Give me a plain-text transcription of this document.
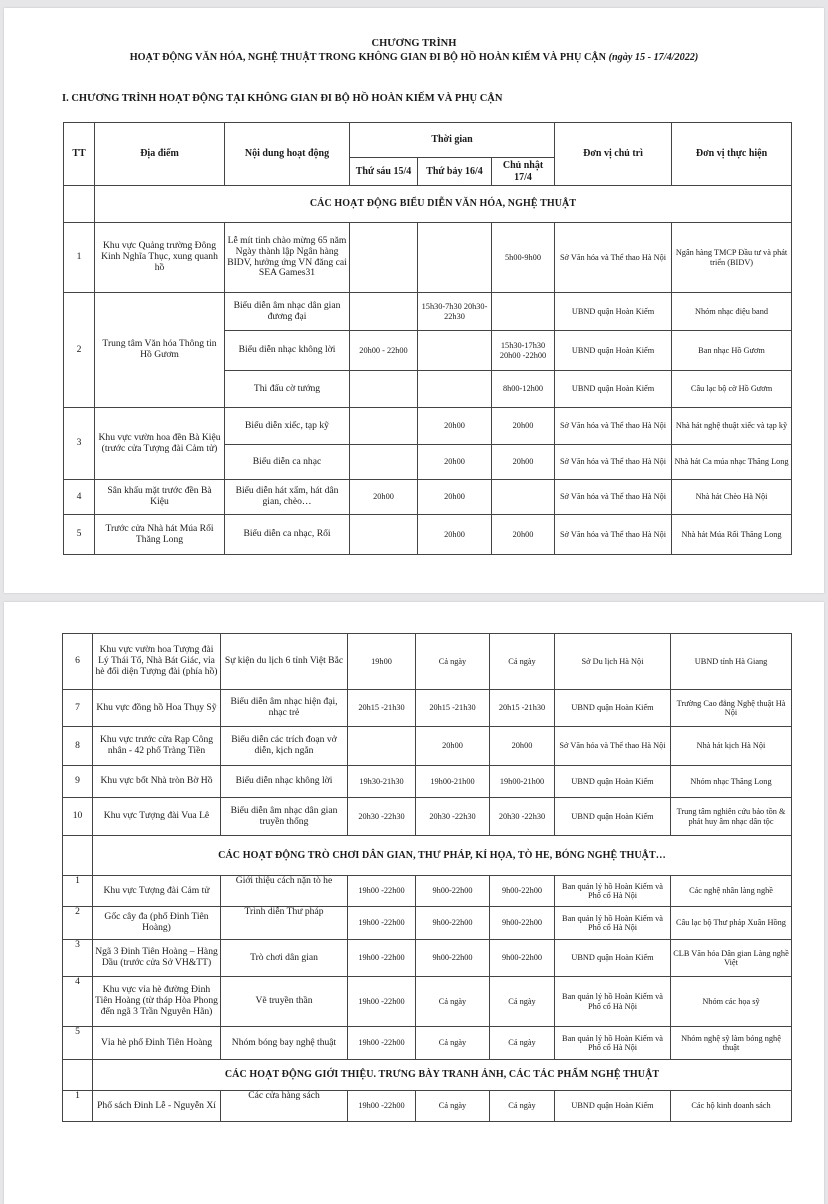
CHƯƠNG TRÌNH
HOẠT ĐỘNG VĂN HÓA, NGHỆ THUẬT TRONG KHÔNG GIAN ĐI BỘ HỒ HOÀN KIẾM VÀ PHỤ CẬN (ngày 15 - 17/4/2022)
I. CHƯƠNG TRÌNH HOẠT ĐỘNG TẠI KHÔNG GIAN ĐI BỘ HỒ HOÀN KIẾM VÀ PHỤ CẬN
TT	Địa điểm	Nội dung hoạt động	Thời gian			Đơn vị chủ trì	Đơn vị thực hiện
			Thứ sáu 15/4	Thứ bảy 16/4	Chủ nhật 17/4		
	CÁC HOẠT ĐỘNG BIỂU DIỄN VĂN HÓA, NGHỆ THUẬT						
1	Khu vực Quảng trường Đông Kinh Nghĩa Thục, xung quanh hồ	Lễ mít tinh chào mừng 65 năm Ngày thành lập Ngân hàng BIDV, hưởng ứng VN đăng cai SEA Games31			5h00-9h00	Sở Văn hóa và Thể thao Hà Nội	Ngân hàng TMCP Đầu tư và phát triển (BIDV)
2	Trung tâm Văn hóa Thông tin Hồ Gươm	Biểu diễn âm nhạc dân gian đương đại		15h30-7h30 20h30-22h30		UBND quận Hoàn Kiếm	Nhóm nhạc điệu band
		Biểu diễn nhạc không lời	20h00 - 22h00		15h30-17h30 20h00 -22h00	UBND quận Hoàn Kiếm	Ban nhạc Hồ Gươm
		Thi đấu cờ tướng			8h00-12h00	UBND quận Hoàn Kiếm	Câu lạc bộ cờ Hồ Gươm
3	Khu vực vườn hoa đền Bà Kiệu (trước cửa Tượng đài Cảm tử)	Biểu diễn xiếc, tạp kỹ		20h00	20h00	Sở Văn hóa và Thể thao Hà Nội	Nhà hát nghệ thuật xiếc và tạp kỹ
		Biểu diễn ca nhạc		20h00	20h00	Sở Văn hóa và Thể thao Hà Nội	Nhà hát Ca múa nhạc Thăng Long
4	Sân khấu mặt trước đền Bà Kiệu	Biểu diễn hát xẩm, hát dân gian, chèo…	20h00	20h00		Sở Văn hóa và Thể thao Hà Nội	Nhà hát Chèo Hà Nội
5	Trước cửa Nhà hát Múa Rối Thăng Long	Biểu diễn ca nhạc, Rối		20h00	20h00	Sở Văn hóa và Thể thao Hà Nội	Nhà hát Múa Rối Thăng Long
6	Khu vực vườn hoa Tượng đài Lý Thái Tổ, Nhà Bát Giác, vỉa hè đối diện Tượng đài (phía hồ)	Sự kiện du lịch 6 tỉnh Việt Bắc	19h00	Cả ngày	Cả ngày	Sở Du lịch Hà Nội	UBND tỉnh Hà Giang
7	Khu vực đồng hồ Hoa Thụy Sỹ	Biểu diễn âm nhạc hiện đại, nhạc trẻ	20h15 -21h30	20h15 -21h30	20h15 -21h30	UBND quận Hoàn Kiếm	Trường Cao đẳng Nghệ thuật Hà Nội
8	Khu vực trước cửa Rạp Công nhân - 42 phố Tràng Tiền	Biểu diễn các trích đoạn vở diễn, kịch ngắn		20h00	20h00	Sở Văn hóa và Thể thao Hà Nội	Nhà hát kịch Hà Nội
9	Khu vực bốt Nhà tròn Bờ Hồ	Biểu diễn nhạc không lời	19h30-21h30	19h00-21h00	19h00-21h00	UBND quận Hoàn Kiếm	Nhóm nhạc Thăng Long
10	Khu vực Tượng đài Vua Lê	Biểu diễn âm nhạc dân gian truyền thống	20h30 -22h30	20h30 -22h30	20h30 -22h30	UBND quận Hoàn Kiếm	Trung tâm nghiên cứu bảo tồn & phát huy âm nhạc dân tộc
	CÁC HOẠT ĐỘNG TRÒ CHƠI DÂN GIAN, THƯ PHÁP, KÍ HỌA, TÒ HE, BÓNG NGHỆ THUẬT…						
1	Khu vực Tượng đài Cảm tử	Giới thiệu cách nặn tò he	19h00 -22h00	9h00-22h00	9h00-22h00	Ban quản lý hồ Hoàn Kiếm và Phố cổ Hà Nội	Các nghệ nhân làng nghề
2	Gốc cây đa (phố Đinh Tiên Hoàng)	Trình diễn Thư pháp	19h00 -22h00	9h00-22h00	9h00-22h00	Ban quản lý hồ Hoàn Kiếm và Phố cổ Hà Nội	Câu lạc bộ Thư pháp Xuân Hồng
3	Ngã 3 Đinh Tiên Hoàng – Hàng Dầu (trước cửa Sở VH&TT)	Trò chơi dân gian	19h00 -22h00	9h00-22h00	9h00-22h00	UBND quận Hoàn Kiếm	CLB Văn hóa Dân gian Làng nghề Việt
4	Khu vực vỉa hè đường Đinh Tiên Hoàng (từ tháp Hòa Phong đến ngã 3 Trần Nguyên Hãn)	Vẽ truyền thần	19h00 -22h00	Cả ngày	Cả ngày	Ban quản lý hồ Hoàn Kiếm và Phố cổ Hà Nội	Nhóm các họa sỹ
5	Vỉa hè phố Đinh Tiên Hoàng	Nhóm bóng bay nghệ thuật	19h00 -22h00	Cả ngày	Cả ngày	Ban quản lý hồ Hoàn Kiếm và Phố cổ Hà Nội	Nhóm nghệ sỹ làm bóng nghệ thuật
	CÁC HOẠT ĐỘNG GIỚI THIỆU. TRƯNG BÀY TRANH ẢNH, CÁC TÁC PHẨM NGHỆ THUẬT						
1	Phố sách Đinh Lễ - Nguyễn Xí	Các cửa hàng sách	19h00 -22h00	Cả ngày	Cả ngày	UBND quận Hoàn Kiếm	Các hộ kinh doanh sách
